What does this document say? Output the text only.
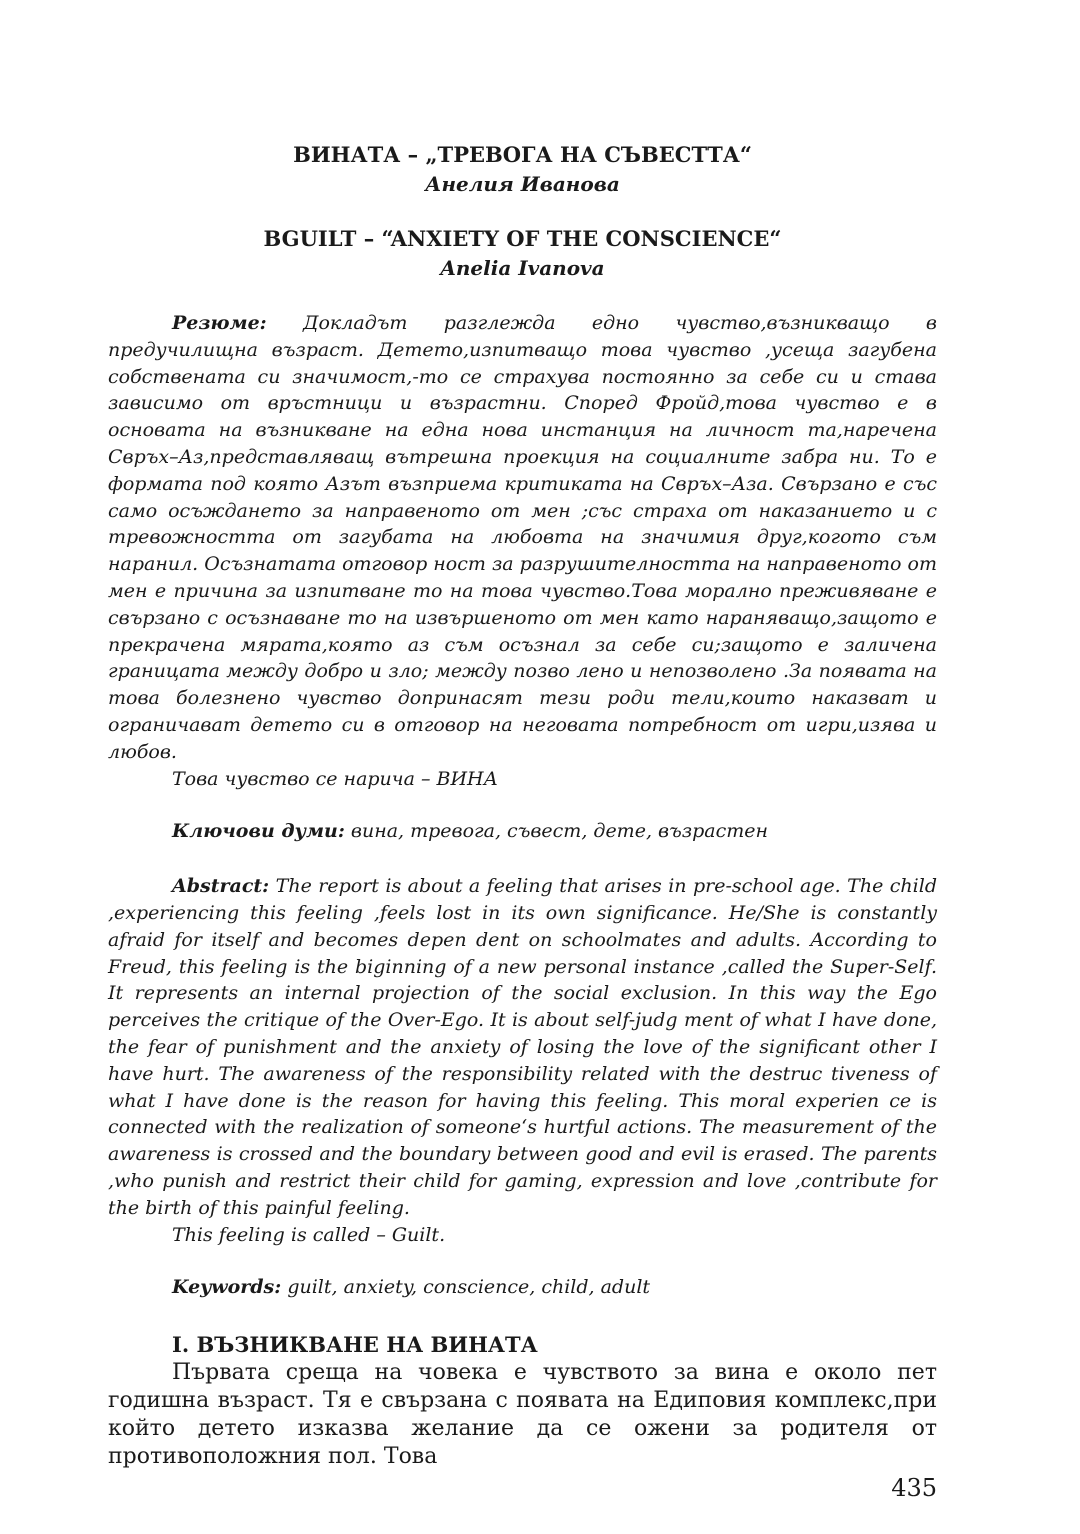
ВИНАТА – „ТРЕВОГА НА СЪВЕСТТА“

Анелия Иванова

BGUILT – “ANXIETY OF THE CONSCIENCE“

Anelia Ivanova

Резюме: Докладът разглежда едно чувство,възникващо в предучилищна възраст. Детето,изпитващо това чувство ,усеща загубена собствената си значимост,-то се страхува постоянно за себе си и става зависимо от връстници и възрастни. Според Фройд,това чувство е в основата на възникване на една нова инстанция на личност та,наречена Свръх–Аз,представляващ вътрешна проекция на социалните забра ни. То е формата под която Азът възприема критиката на Свръх–Аза. Свързано е със само осъждането за направеното от мен ;със страха от наказанието и с тревожността от загубата на любовта на значимия друг,когото съм наранил. Осъзнатата отговор ност за разрушителността на направеното от мен е причина за изпитване то на това чувство.Това морално преживяване е свързано с осъзнаване то на извършеното от мен като нараняващо,защото е прекрачена мярата,която аз съм осъзнал за себе си;защото е заличена границата между добро и зло; между позво лено и непозволено .За появата на това болезнено чувство допринасят тези роди тели,които наказват и ограничават детето си в отговор на неговата потребност от игри,изява и любов.

Това чувство се нарича – ВИНА

Ключови думи: вина, тревога, съвест, дете, възрастен

Abstract: The report is about a feeling that arises in pre-school age. The child ,experiencing this feeling ,feels lost in its own significance. He/She is constantly afraid for itself and becomes depen dent on schoolmates and adults. According to Freud, this feeling is the biginning of a new personal instance ,called the Super-Self. It represents an internal projection of the social exclusion. In this way the Ego perceives the critique of the Over-Ego. It is about self-judg ment of what I have done, the fear of punishment and the anxiety of losing the love of the significant other I have hurt. The awareness of the responsibility related with the destruc tiveness of what I have done is the reason for having this feeling. This moral experien ce is connected with the realization of someone‘s hurtful actions. The measurement of the awareness is crossed and the boundary between good and evil is erased. The parents ,who punish and restrict their child for gaming, expression and love ,contribute for the birth of this painful feeling.

This feeling is called – Guilt.

Keywords: guilt, anxiety, conscience, child, adult

I. ВЪЗНИКВАНЕ НА ВИНАТА

Първата среща на човека е чувството за вина е около пет годишна възраст. Тя е свързана с появата на Едиповия комплекс,при който детето изказва желание да се ожени за родителя от противоположния пол. Това

435
